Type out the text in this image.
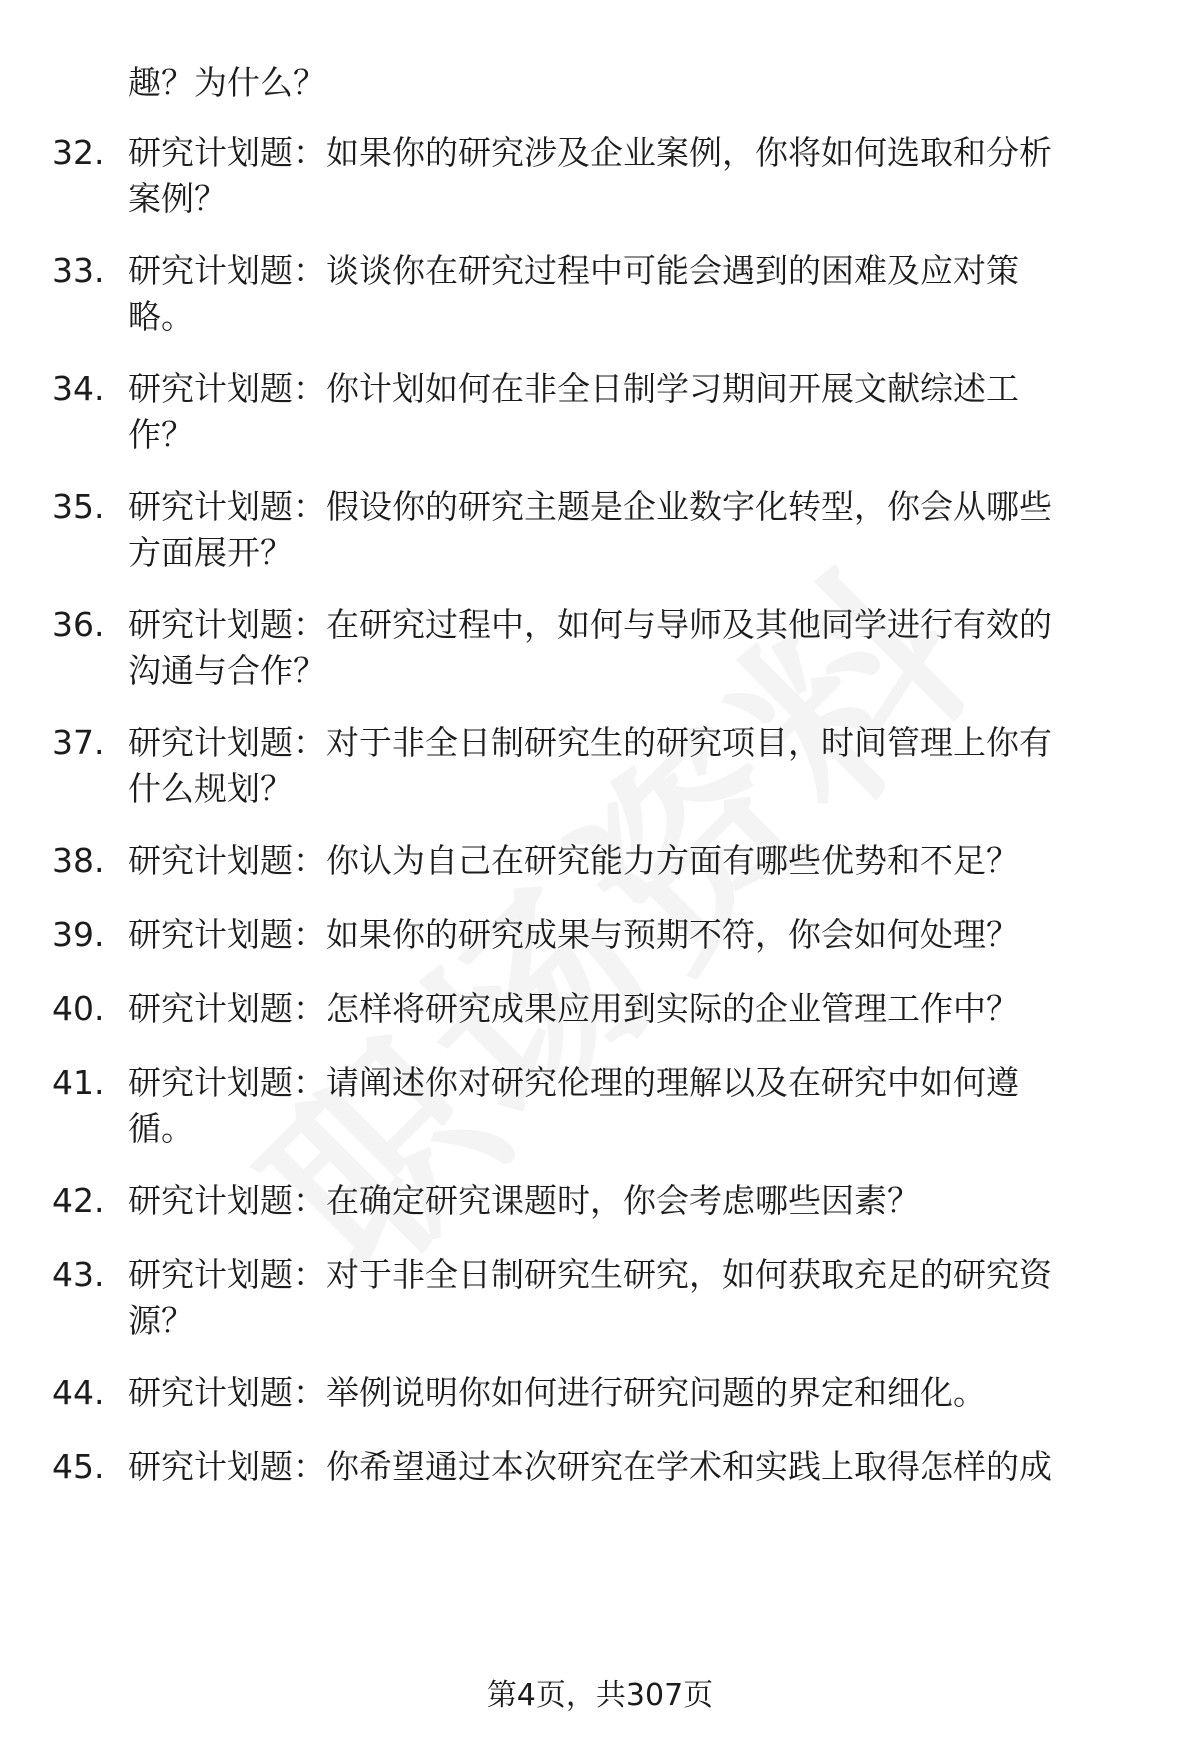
趣？为什么？
32. 研究计划题：如果你的研究涉及企业案例，你将如何选取和分析
案例？
33. 研究计划题：谈谈你在研究过程中可能会遇到的困难及应对策
略。
34. 研究计划题：你计划如何在非全日制学习期间开展文献综述工
作？
35. 研究计划题：假设你的研究主题是企业数字化转型，你会从哪些
方面展开？
36. 研究计划题：在研究过程中，如何与导师及其他同学进行有效的
沟通与合作？
37. 研究计划题：对于非全日制研究生的研究项目，时间管理上你有
什么规划？
38. 研究计划题：你认为自己在研究能力方面有哪些优势和不足？
39. 研究计划题：如果你的研究成果与预期不符，你会如何处理？
40. 研究计划题：怎样将研究成果应用到实际的企业管理工作中？
41. 研究计划题：请阐述你对研究伦理的理解以及在研究中如何遵
循。
42. 研究计划题：在确定研究课题时，你会考虑哪些因素？
43. 研究计划题：对于非全日制研究生研究，如何获取充足的研究资
源？
44. 研究计划题：举例说明你如何进行研究问题的界定和细化。
45. 研究计划题：你希望通过本次研究在学术和实践上取得怎样的成
第4页，共307页
